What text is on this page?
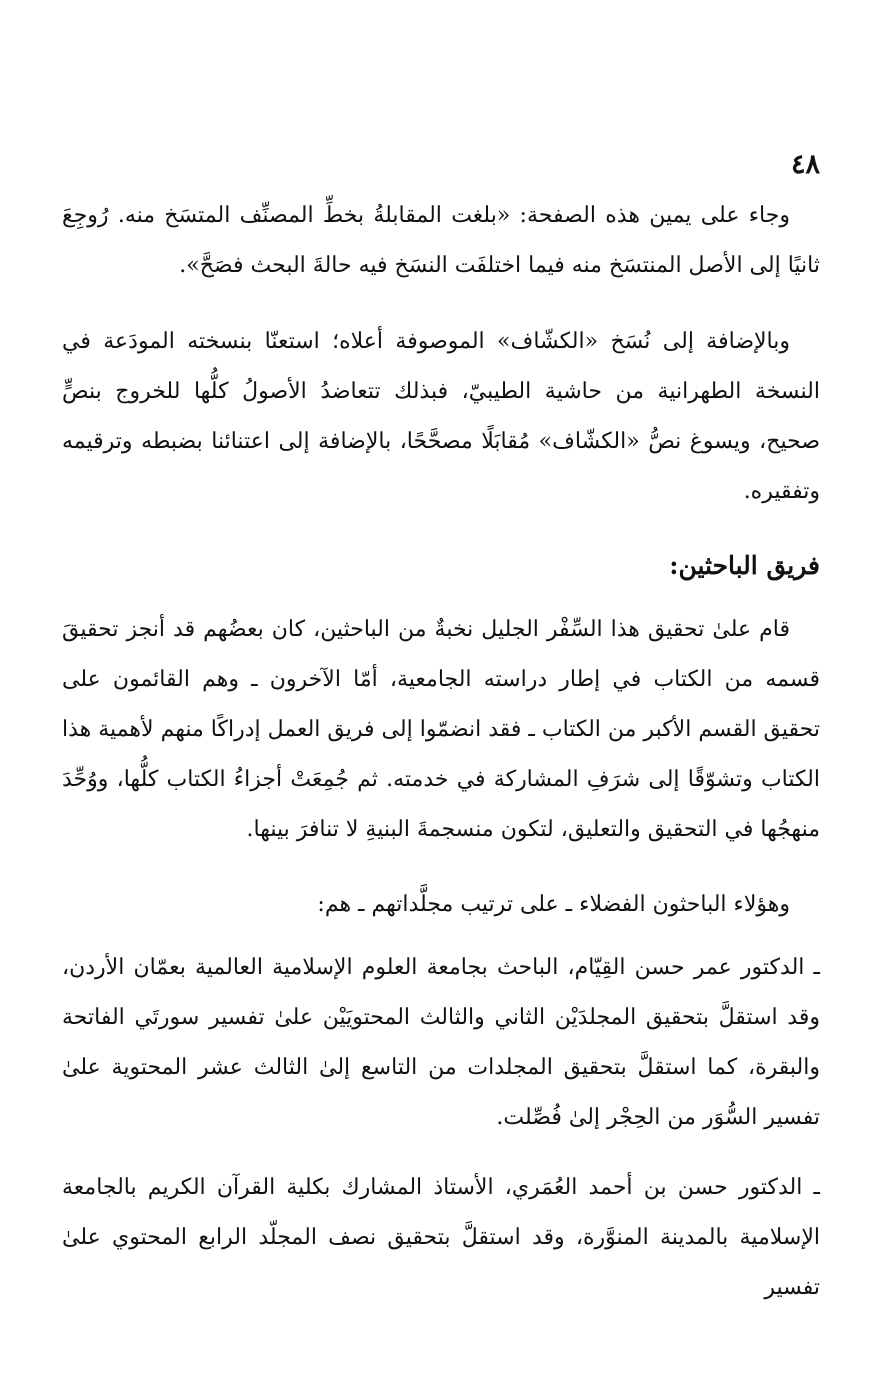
٤٨

وجاء على يمين هذه الصفحة: «بلغت المقابلةُ بخطِّ المصنِّف المتسَخ منه. رُوجِعَ ثانيًا إلى الأصل المنتسَخ منه فيما اختلفَت النسَخ فيه حالةَ البحث فصَحَّ».

وبالإضافة إلى نُسَخ «الكشّاف» الموصوفة أعلاه؛ استعنّا بنسخته المودَعة في النسخة الطهرانية من حاشية الطيبيّ، فبذلك تتعاضدُ الأصولُ كلُّها للخروج بنصٍّ صحيح، ويسوغ نصُّ «الكشّاف» مُقابَلًا مصحَّحًا، بالإضافة إلى اعتنائنا بضبطه وترقيمه وتفقيره.

فريق الباحثين:

قام علىٰ تحقيق هذا السِّفْر الجليل نخبةٌ من الباحثين، كان بعضُهم قد أنجز تحقيقَ قسمه من الكتاب في إطار دراسته الجامعية، أمّا الآخرون ـ وهم القائمون على تحقيق القسم الأكبر من الكتاب ـ فقد انضمّوا إلى فريق العمل إدراكًا منهم لأهمية هذا الكتاب وتشوّقًا إلى شرَفِ المشاركة في خدمته. ثم جُمِعَتْ أجزاءُ الكتاب كلُّها، ووُحِّدَ منهجُها في التحقيق والتعليق، لتكون منسجمةَ البنيةِ لا تنافرَ بينها.

وهؤلاء الباحثون الفضلاء ـ على ترتيب مجلَّداتهم ـ هم:

ـ الدكتور عمر حسن القِيّام، الباحث بجامعة العلوم الإسلامية العالمية بعمّان الأردن، وقد استقلَّ بتحقيق المجلدَيْن الثاني والثالث المحتويَيْن علىٰ تفسير سورتَي الفاتحة والبقرة، كما استقلَّ بتحقيق المجلدات من التاسع إلىٰ الثالث عشر المحتوية علىٰ تفسير السُّوَر من الحِجْر إلىٰ فُصِّلت.

ـ الدكتور حسن بن أحمد العُمَري، الأستاذ المشارك بكلية القرآن الكريم بالجامعة الإسلامية بالمدينة المنوَّرة، وقد استقلَّ بتحقيق نصف المجلّد الرابع المحتوي علىٰ تفسير
